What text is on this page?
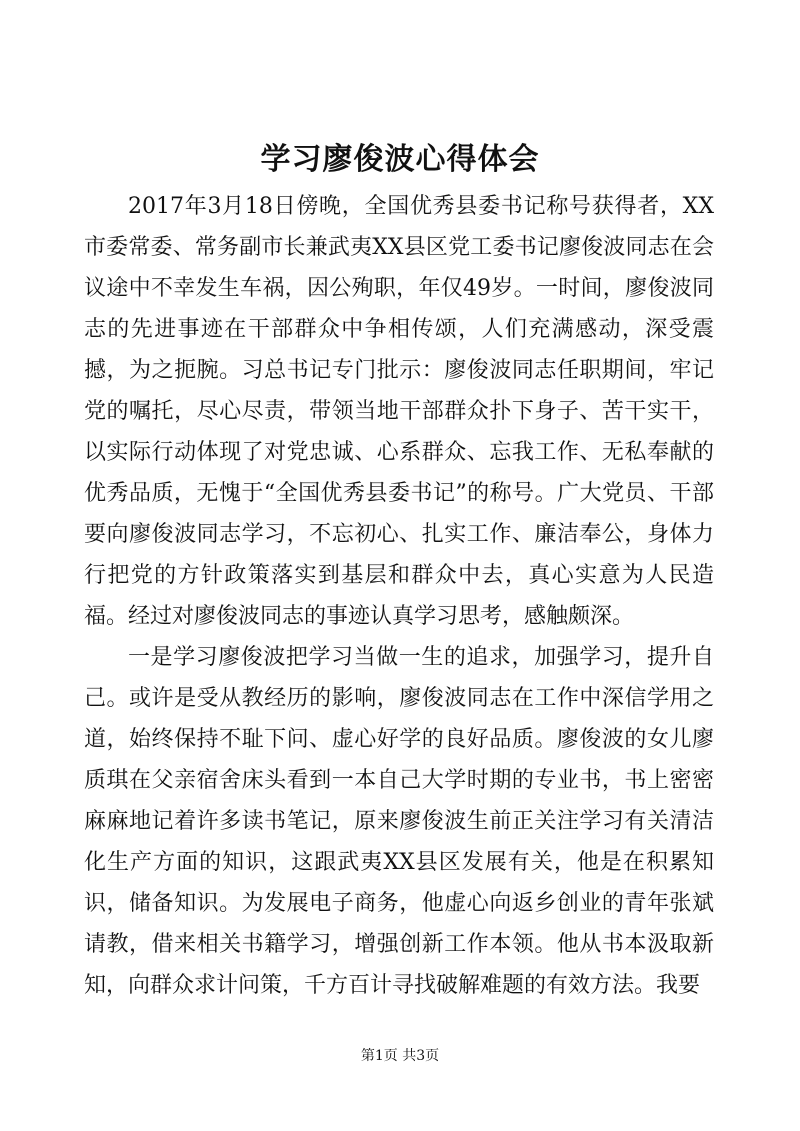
学习廖俊波心得体会

2017年3月18日傍晚，全国优秀县委书记称号获得者，XX市委常委、常务副市长兼武夷XX县区党工委书记廖俊波同志在会议途中不幸发生车祸，因公殉职，年仅49岁。一时间，廖俊波同志的先进事迹在干部群众中争相传颂，人们充满感动，深受震撼，为之扼腕。习总书记专门批示：廖俊波同志任职期间，牢记党的嘱托，尽心尽责，带领当地干部群众扑下身子、苦干实干，以实际行动体现了对党忠诚、心系群众、忘我工作、无私奉献的优秀品质，无愧于“全国优秀县委书记”的称号。广大党员、干部要向廖俊波同志学习，不忘初心、扎实工作、廉洁奉公，身体力行把党的方针政策落实到基层和群众中去，真心实意为人民造福。经过对廖俊波同志的事迹认真学习思考，感触颇深。

一是学习廖俊波把学习当做一生的追求，加强学习，提升自己。或许是受从教经历的影响，廖俊波同志在工作中深信学用之道，始终保持不耻下问、虚心好学的良好品质。廖俊波的女儿廖质琪在父亲宿舍床头看到一本自己大学时期的专业书，书上密密麻麻地记着许多读书笔记，原来廖俊波生前正关注学习有关清洁化生产方面的知识，这跟武夷XX县区发展有关，他是在积累知识，储备知识。为发展电子商务，他虚心向返乡创业的青年张斌请教，借来相关书籍学习，增强创新工作本领。他从书本汲取新知，向群众求计问策，千方百计寻找破解难题的有效方法。我要

第1页 共3页
